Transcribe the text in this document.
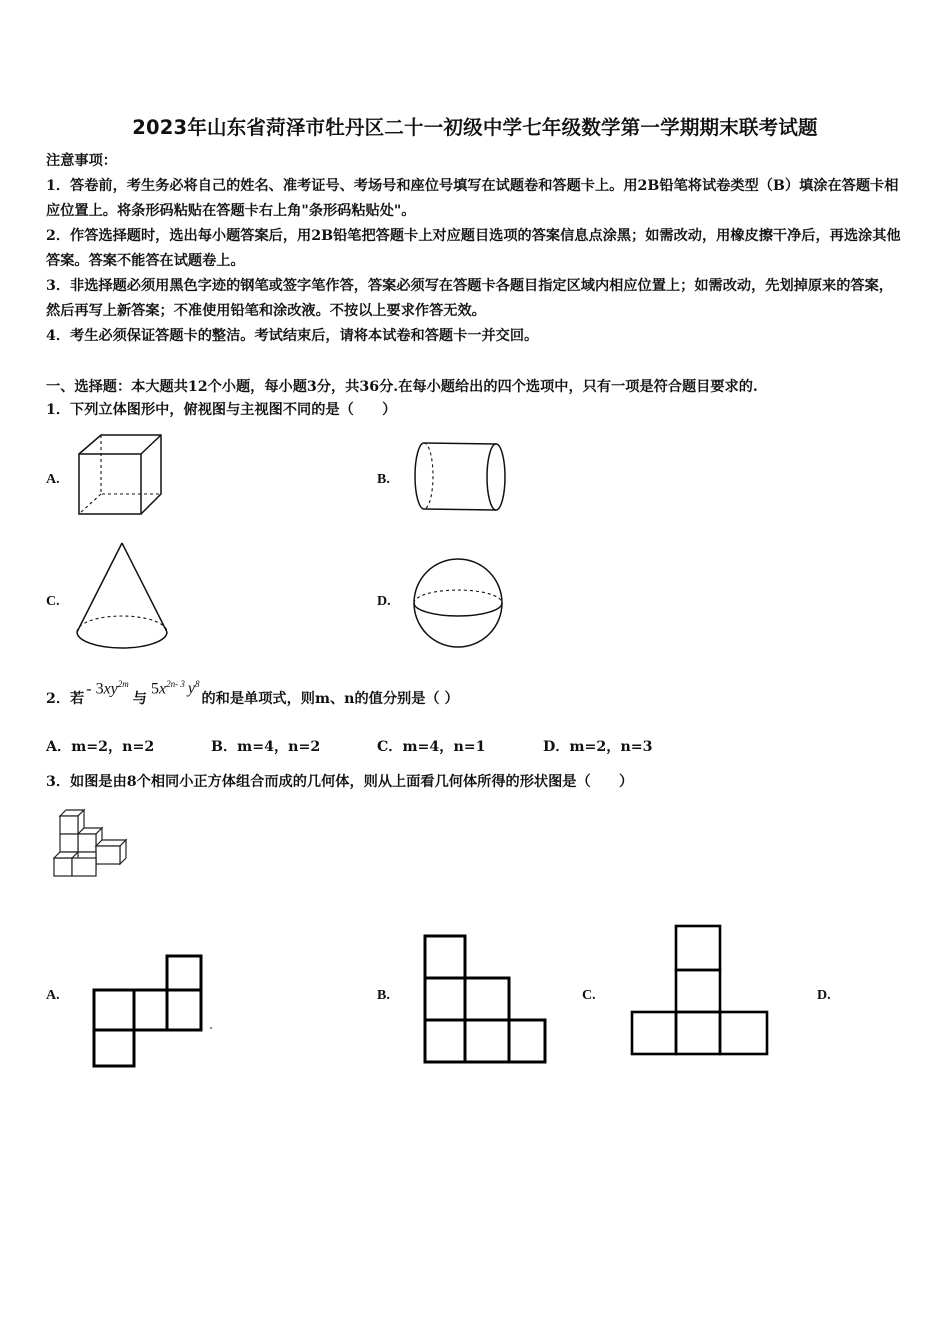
2023年山东省菏泽市牡丹区二十一初级中学七年级数学第一学期期末联考试题
注意事项：
1．答卷前，考生务必将自己的姓名、准考证号、考场号和座位号填写在试题卷和答题卡上。用2B铅笔将试卷类型（B）填涂在答题卡相应位置上。将条形码粘贴在答题卡右上角"条形码粘贴处"。
2．作答选择题时，选出每小题答案后，用2B铅笔把答题卡上对应题目选项的答案信息点涂黑；如需改动，用橡皮擦干净后，再选涂其他答案。答案不能答在试题卷上。
3．非选择题必须用黑色字迹的钢笔或签字笔作答，答案必须写在答题卡各题目指定区域内相应位置上；如需改动，先划掉原来的答案，然后再写上新答案；不准使用铅笔和涂改液。不按以上要求作答无效。
4．考生必须保证答题卡的整洁。考试结束后，请将本试卷和答题卡一并交回。
一、选择题：本大题共12个小题，每小题3分，共36分.在每小题给出的四个选项中，只有一项是符合题目要求的.
1．下列立体图形中，俯视图与主视图不同的是（　　）
A.	B.
C.	D.
2．若
- $3xy^{2m}$
与
$5x^{2n- 3}$ $y^8$
的和是单项式，则m、n的值分别是（ ）
A．m=2，n=2	B．m=4，n=2	C．m=4，n=1	D．m=2，n=3
3．如图是由8个相同小正方体组合而成的几何体，则从上面看几何体所得的形状图是（　　）
A.	B.	C.	D.
